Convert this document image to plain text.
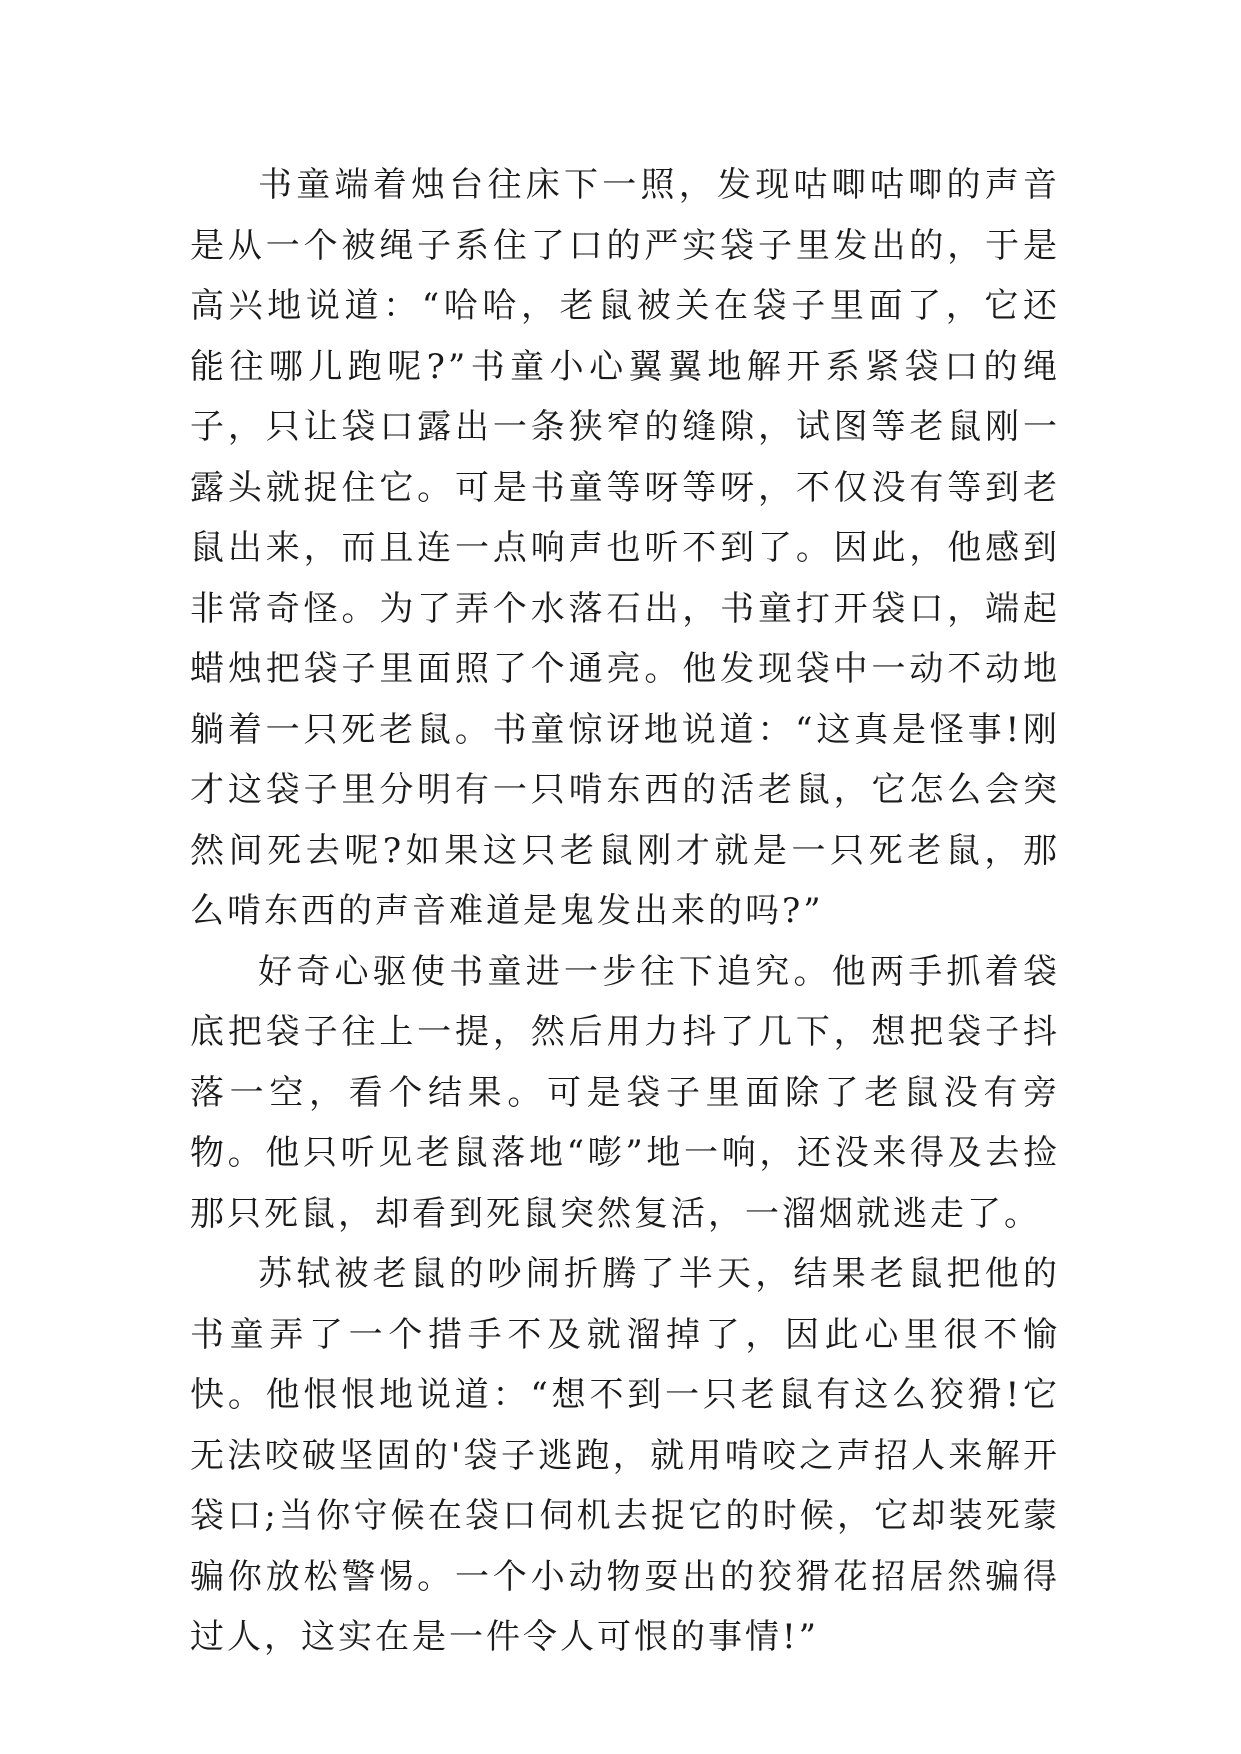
书童端着烛台往床下一照，发现咕唧咕唧的声音是从一个被绳子系住了口的严实袋子里发出的，于是高兴地说道：“哈哈，老鼠被关在袋子里面了，它还能往哪儿跑呢?”书童小心翼翼地解开系紧袋口的绳子，只让袋口露出一条狭窄的缝隙，试图等老鼠刚一露头就捉住它。可是书童等呀等呀，不仅没有等到老鼠出来，而且连一点响声也听不到了。因此，他感到非常奇怪。为了弄个水落石出，书童打开袋口，端起蜡烛把袋子里面照了个通亮。他发现袋中一动不动地躺着一只死老鼠。书童惊讶地说道：“这真是怪事!刚才这袋子里分明有一只啃东西的活老鼠，它怎么会突然间死去呢?如果这只老鼠刚才就是一只死老鼠，那么啃东西的声音难道是鬼发出来的吗?”

好奇心驱使书童进一步往下追究。他两手抓着袋底把袋子往上一提，然后用力抖了几下，想把袋子抖落一空，看个结果。可是袋子里面除了老鼠没有旁物。他只听见老鼠落地“嘭”地一响，还没来得及去捡那只死鼠，却看到死鼠突然复活，一溜烟就逃走了。

苏轼被老鼠的吵闹折腾了半天，结果老鼠把他的书童弄了一个措手不及就溜掉了，因此心里很不愉快。他恨恨地说道：“想不到一只老鼠有这么狡猾!它无法咬破坚固的'袋子逃跑，就用啃咬之声招人来解开袋口;当你守候在袋口伺机去捉它的时候，它却装死蒙骗你放松警惕。一个小动物耍出的狡猾花招居然骗得过人，这实在是一件令人可恨的事情!”
